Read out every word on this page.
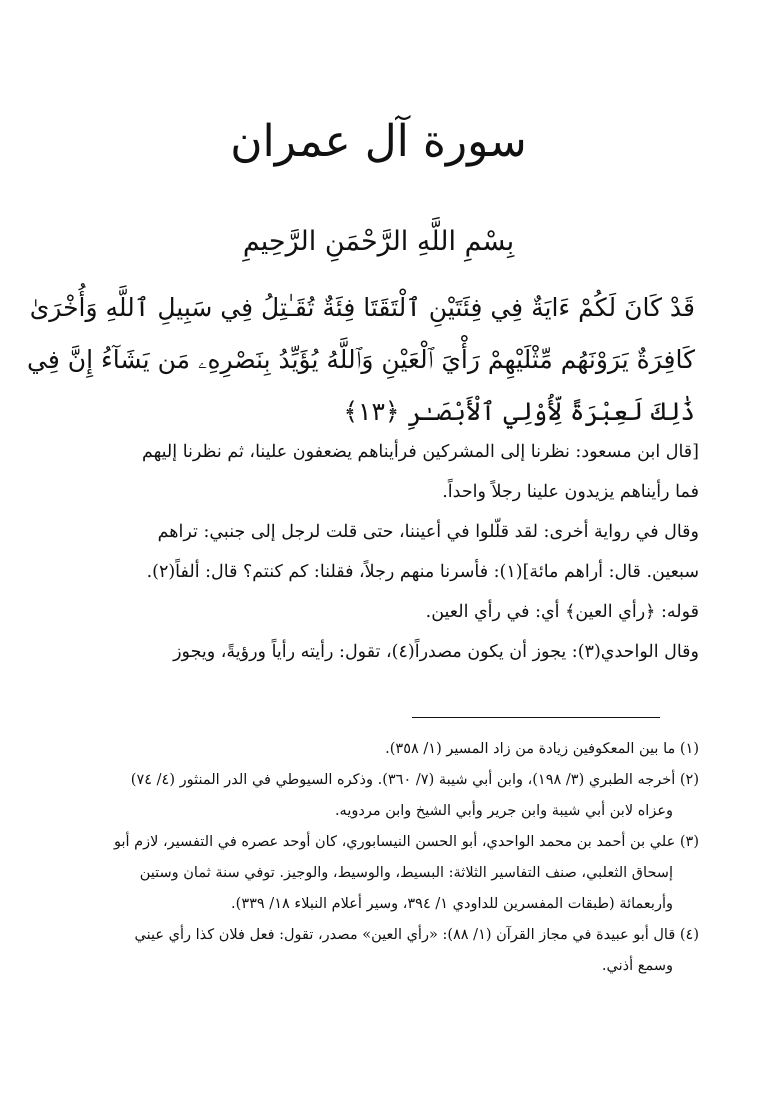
سورة آل عمران
بِسْمِ اللَّهِ الرَّحْمَنِ الرَّحِيمِ
قَدْ كَانَ لَكُمْ ءَايَةٌ فِي فِئَتَيْنِ ٱلْتَقَتَا فِئَةٌ تُقَـٰتِلُ فِي سَبِيلِ ٱللَّهِ وَأُخْرَىٰ
كَافِرَةٌ يَرَوْنَهُم مِّثْلَيْهِمْ رَأْيَ ٱلْعَيْنِ وَٱللَّهُ يُؤَيِّدُ بِنَصْرِهِۦ مَن يَشَآءُ إِنَّ فِي
ذَٰلِكَ لَعِبْرَةً لِّأُوْلِي ٱلْأَبْصَـٰرِ ﴿١٣﴾
[قال ابن مسعود: نظرنا إلى المشركين فرأيناهم يضعفون علينا، ثم نظرنا إليهم
فما رأيناهم يزيدون علينا رجلاً واحداً.
وقال في رواية أخرى: لقد قلّلوا في أعيننا، حتى قلت لرجل إلى جنبي: تراهم
سبعين. قال: أراهم مائة](١): فأسرنا منهم رجلاً، فقلنا: كم كنتم؟ قال: ألفاً(٢).
قوله: ﴿رأي العين﴾ أي: في رأي العين.
وقال الواحدي(٣): يجوز أن يكون مصدراً(٤)، تقول: رأيته رأياً ورؤيةً، ويجوز
(١) ما بين المعكوفين زيادة من زاد المسير (١/ ٣٥٨).
(٢) أخرجه الطبري (٣/ ١٩٨)، وابن أبي شيبة (٧/ ٣٦٠). وذكره السيوطي في الدر المنثور (٤/ ٧٤)
وعزاه لابن أبي شيبة وابن جرير وأبي الشيخ وابن مردويه.
(٣) علي بن أحمد بن محمد الواحدي، أبو الحسن النيسابوري، كان أوحد عصره في التفسير، لازم أبو
إسحاق الثعلبي، صنف التفاسير الثلاثة: البسيط، والوسيط، والوجيز. توفي سنة ثمان وستين
وأربعمائة (طبقات المفسرين للداودي ١/ ٣٩٤، وسير أعلام النبلاء ١٨/ ٣٣٩).
(٤) قال أبو عبيدة في مجاز القرآن (١/ ٨٨): «رأي العين» مصدر، تقول: فعل فلان كذا رأي عيني
وسمع أذني.
